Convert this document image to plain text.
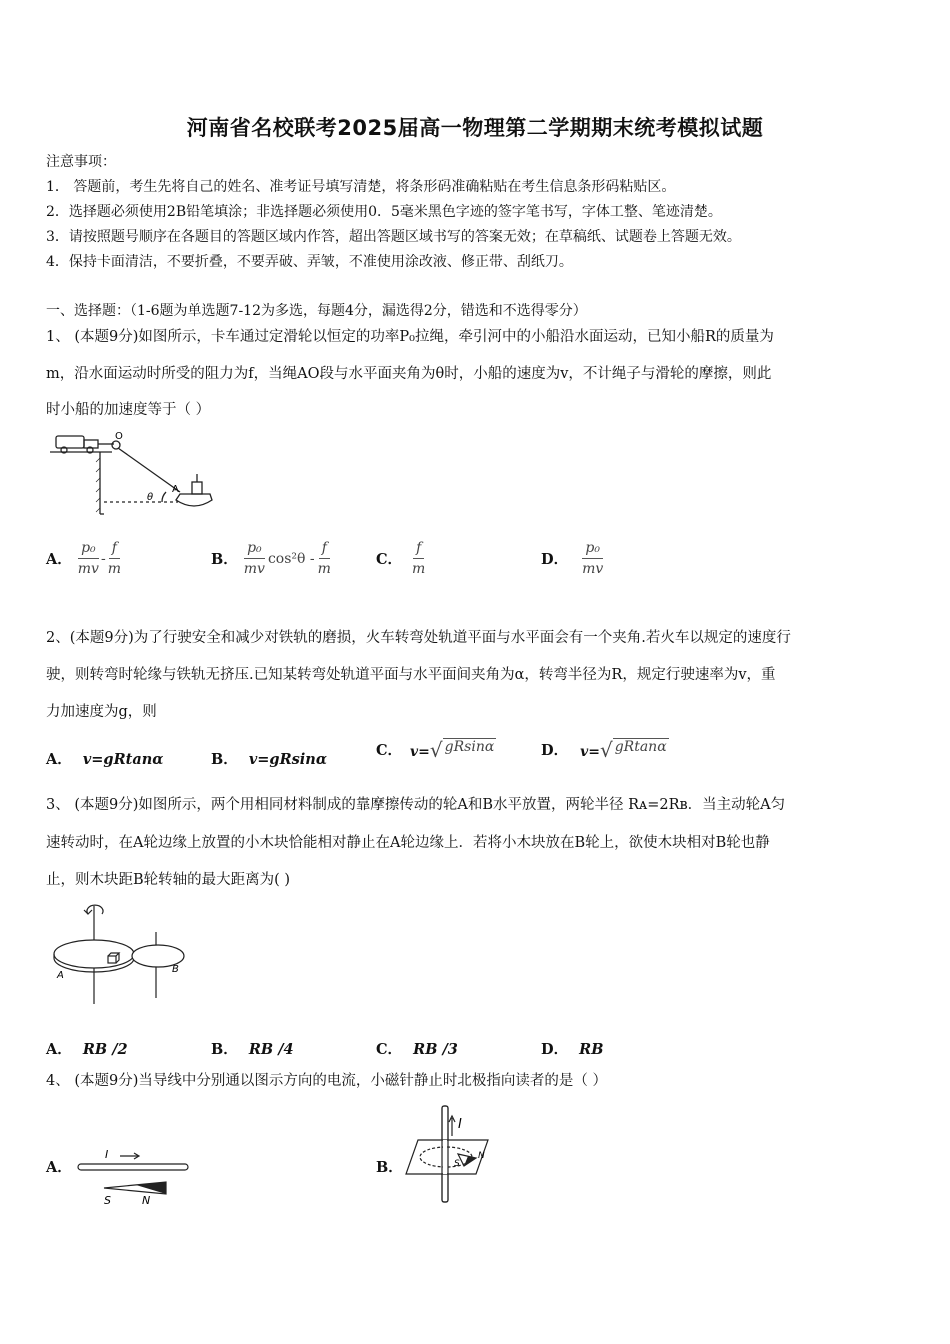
河南省名校联考2025届高一物理第二学期期末统考模拟试题
注意事项：
1． 答题前，考生先将自己的姓名、准考证号填写清楚，将条形码准确粘贴在考生信息条形码粘贴区。
2．选择题必须使用2B铅笔填涂；非选择题必须使用0．5毫米黑色字迹的签字笔书写，字体工整、笔迹清楚。
3．请按照题号顺序在各题目的答题区域内作答，超出答题区域书写的答案无效；在草稿纸、试题卷上答题无效。
4．保持卡面清洁，不要折叠，不要弄破、弄皱，不准使用涂改液、修正带、刮纸刀。
一、选择题：（1-6题为单选题7-12为多选，每题4分，漏选得2分，错选和不选得零分）
1、 (本题9分)如图所示，卡车通过定滑轮以恒定的功率P₀拉绳，牵引河中的小船沿水面运动，已知小船R的质量为
m，沿水面运动时所受的阻力为f，当绳AO段与水平面夹角为θ时，小船的速度为v，不计绳子与滑轮的摩擦，则此
时小船的加速度等于（ ）
O
A
θ
A． $\frac{\text{p₀}}{mv} - \frac{f}{m}$	B． $\frac{\text{p₀}}{mv} \cos^2\theta - \frac{f}{m}$	C． $\frac{f}{m}$	D． $\frac{\text{p₀}}{mv}$
2、(本题9分)为了行驶安全和减少对铁轨的磨损，火车转弯处轨道平面与水平面会有一个夹角.若火车以规定的速度行
驶，则转弯时轮缘与铁轨无挤压.已知某转弯处轨道平面与水平面间夹角为α，转弯半径为R，规定行驶速率为v，重
力加速度为g，则
A． v=gRtanα	B． v=gRsinα
C． v= √ gRsinα	D． v= √ gRtanα
3、 (本题9分)如图所示，两个用相同材料制成的靠摩擦传动的轮A和B水平放置，两轮半径 Rᴀ=2Rʙ．当主动轮A匀
速转动时，在A轮边缘上放置的小木块恰能相对静止在A轮边缘上．若将小木块放在B轮上，欲使木块相对B轮也静
止，则木块距B轮转轴的最大距离为( )
A
B
A． RB /2	B． RB /4	C． RB /3	D． RB
4、 (本题9分)当导线中分别通以图示方向的电流，小磁针静止时北极指向读者的是（ ）
A．
I
S	N
B．
I
S
N
